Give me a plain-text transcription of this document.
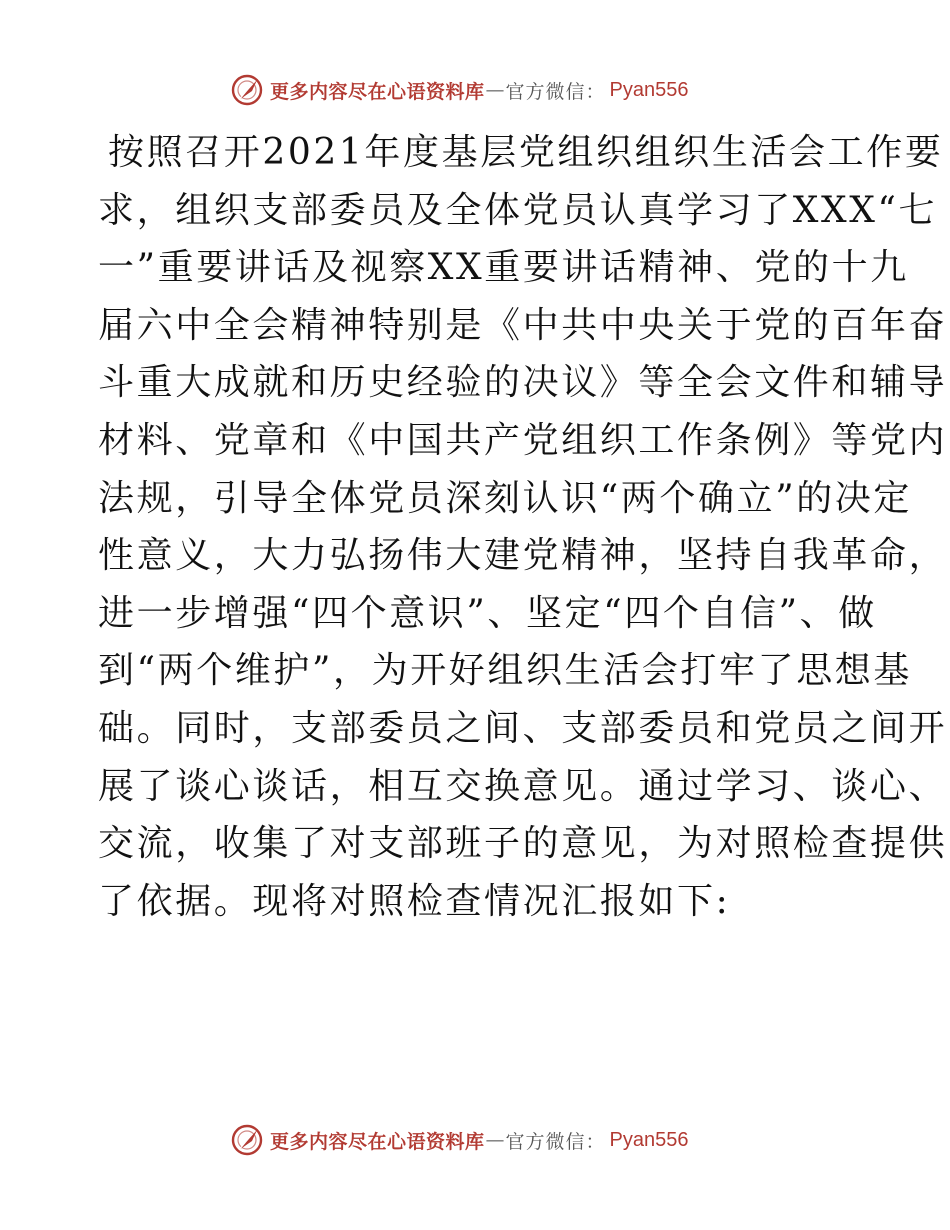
更多内容尽在心语资料库 — 官方微信： Pyan556
按照召开2021年度基层党组织组织生活会工作要
求，组织支部委员及全体党员认真学习了XXX“七
一”重要讲话及视察XX重要讲话精神、党的十九
届六中全会精神特别是《中共中央关于党的百年奋
斗重大成就和历史经验的决议》等全会文件和辅导
材料、党章和《中国共产党组织工作条例》等党内
法规，引导全体党员深刻认识“两个确立”的决定
性意义，大力弘扬伟大建党精神，坚持自我革命，
进一步增强“四个意识”、坚定“四个自信”、做
到“两个维护”，为开好组织生活会打牢了思想基
础。同时，支部委员之间、支部委员和党员之间开
展了谈心谈话，相互交换意见。通过学习、谈心、
交流，收集了对支部班子的意见，为对照检查提供
了依据。现将对照检查情况汇报如下:
更多内容尽在心语资料库 — 官方微信： Pyan556
